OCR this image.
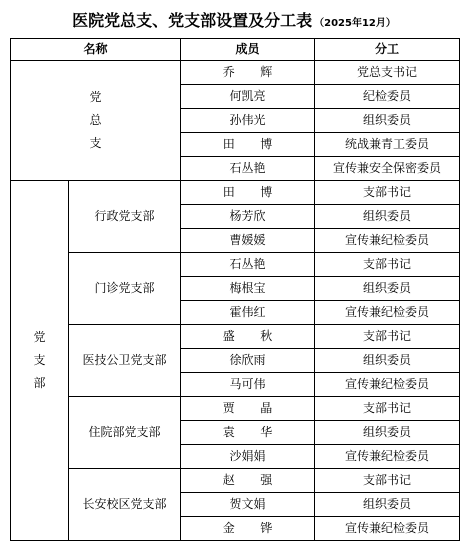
医院党总支、党支部设置及分工表 （2025年12月）
名称		成员	分工

党
总
支		乔 辉	党总支书记
		何凯亮	纪检委员
		孙伟光	组织委员
		田 博	统战兼青工委员
		石丛艳	宣传兼安全保密委员

党
支
部	行政党支部	田 博	支部书记
		杨芳欣	组织委员
		曹媛媛	宣传兼纪检委员
	门诊党支部	石丛艳	支部书记
		梅根宝	组织委员
		霍伟红	宣传兼纪检委员
	医技公卫党支部	盛 秋	支部书记
		徐欣雨	组织委员
		马可伟	宣传兼纪检委员
	住院部党支部	贾 晶	支部书记
		袁 华	组织委员
		沙娟娟	宣传兼纪检委员
	长安校区党支部	赵 强	支部书记
		贺文娟	组织委员
		金 铧	宣传兼纪检委员
